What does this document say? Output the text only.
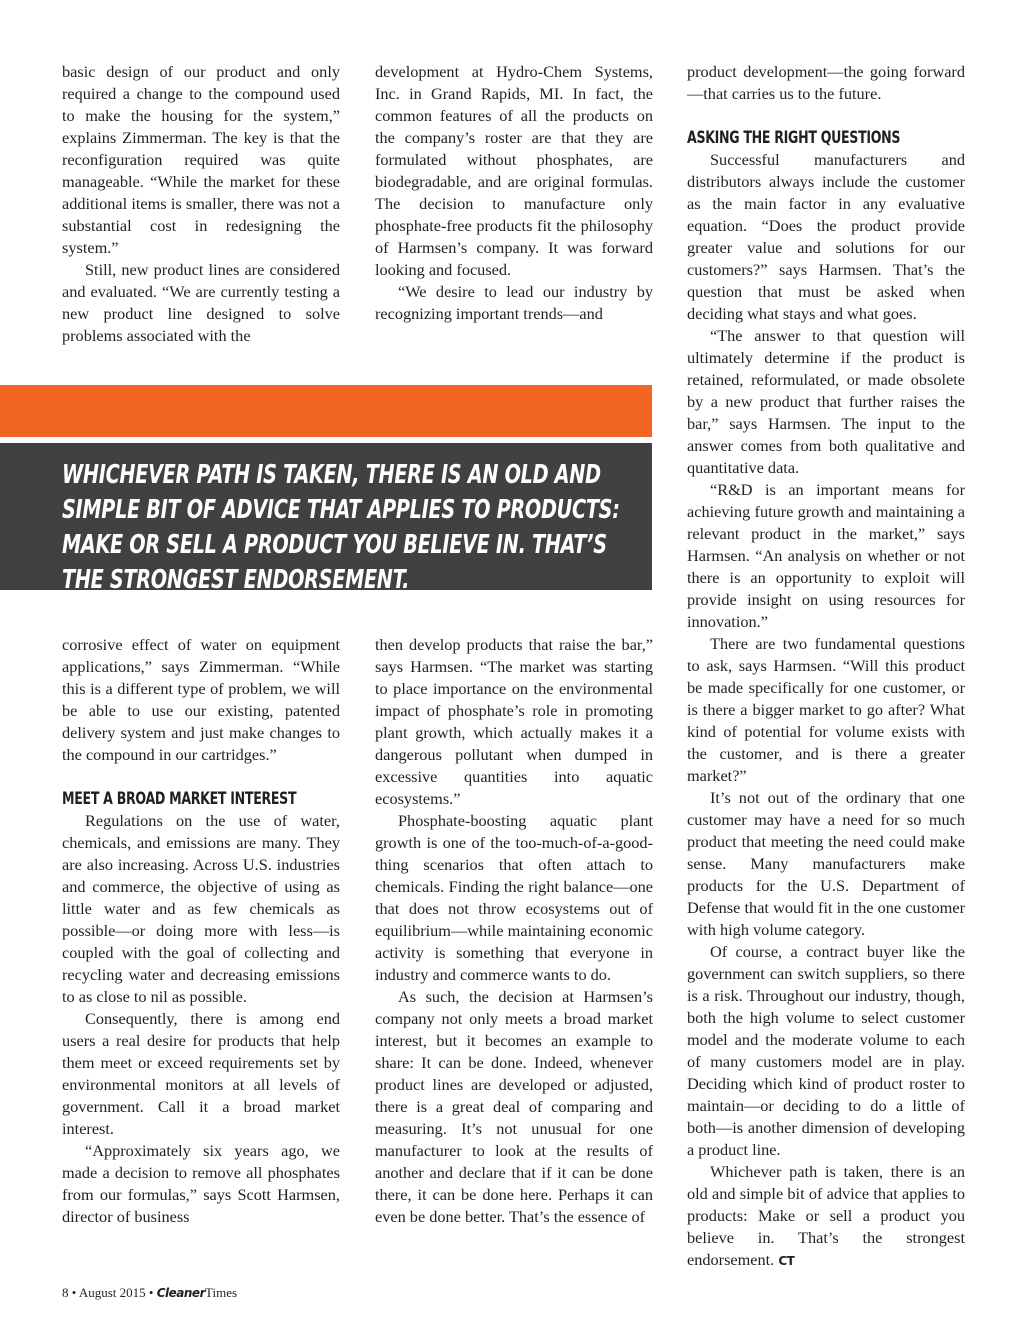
basic design of our product and only required a change to the compound used to make the housing for the system,” explains Zimmerman. The key is that the reconfiguration required was quite manageable. “While the market for these additional items is smaller, there was not a substantial cost in redesigning the system.”

Still, new product lines are considered and evaluated. “We are currently testing a new product line designed to solve problems associated with the

development at Hydro-Chem Systems, Inc. in Grand Rapids, MI. In fact, the common features of all the products on the company’s roster are that they are formulated without phosphates, are biodegradable, and are original formulas. The decision to manufacture only phosphate-free products fit the philosophy of Harmsen’s company. It was forward looking and focused.

“We desire to lead our industry by recognizing important trends—and

WHICHEVER PATH IS TAKEN, THERE IS AN OLD AND SIMPLE BIT OF ADVICE THAT APPLIES TO PRODUCTS: MAKE OR SELL A PRODUCT YOU BELIEVE IN. THAT’S THE STRONGEST ENDORSEMENT.

corrosive effect of water on equipment applications,” says Zimmerman. “While this is a different type of problem, we will be able to use our existing, patented delivery system and just make changes to the compound in our cartridges.”

MEET A BROAD MARKET INTEREST

Regulations on the use of water, chemicals, and emissions are many. They are also increasing. Across U.S. industries and commerce, the objective of using as little water and as few chemicals as possible—or doing more with less—is coupled with the goal of collecting and recycling water and decreasing emissions to as close to nil as possible.

Consequently, there is among end users a real desire for products that help them meet or exceed requirements set by environmental monitors at all levels of government. Call it a broad market interest.

“Approximately six years ago, we made a decision to remove all phosphates from our formulas,” says Scott Harmsen, director of business

then develop products that raise the bar,” says Harmsen. “The market was starting to place importance on the environmental impact of phosphate’s role in promoting plant growth, which actually makes it a dangerous pollutant when dumped in excessive quantities into aquatic ecosystems.”

Phosphate-boosting aquatic plant growth is one of the too-much-of-a-good-thing scenarios that often attach to chemicals. Finding the right balance—one that does not throw ecosystems out of equilibrium—while maintaining economic activity is something that everyone in industry and commerce wants to do.

As such, the decision at Harmsen’s company not only meets a broad market interest, but it becomes an example to share: It can be done. Indeed, whenever product lines are developed or adjusted, there is a great deal of comparing and measuring. It’s not unusual for one manufacturer to look at the results of another and declare that if it can be done there, it can be done here. Perhaps it can even be done better. That’s the essence of

product development—the going forward—that carries us to the future.

ASKING THE RIGHT QUESTIONS

Successful manufacturers and distributors always include the customer as the main factor in any evaluative equation. “Does the product provide greater value and solutions for our customers?” says Harmsen. That’s the question that must be asked when deciding what stays and what goes.

“The answer to that question will ultimately determine if the product is retained, reformulated, or made obsolete by a new product that further raises the bar,” says Harmsen. The input to the answer comes from both qualitative and quantitative data.

“R&D is an important means for achieving future growth and maintaining a relevant product in the market,” says Harmsen. “An analysis on whether or not there is an opportunity to exploit will provide insight on using resources for innovation.”

There are two fundamental questions to ask, says Harmsen. “Will this product be made specifically for one customer, or is there a bigger market to go after? What kind of potential for volume exists with the customer, and is there a greater market?”

It’s not out of the ordinary that one customer may have a need for so much product that meeting the need could make sense. Many manufacturers make products for the U.S. Department of Defense that would fit in the one customer with high volume category.

Of course, a contract buyer like the government can switch suppliers, so there is a risk. Throughout our industry, though, both the high volume to select customer model and the moderate volume to each of many customers model are in play. Deciding which kind of product roster to maintain—or deciding to do a little of both—is another dimension of developing a product line.

Whichever path is taken, there is an old and simple bit of advice that applies to products: Make or sell a product you believe in. That’s the strongest endorsement. CT

8 • August 2015 • CleanerTimes
